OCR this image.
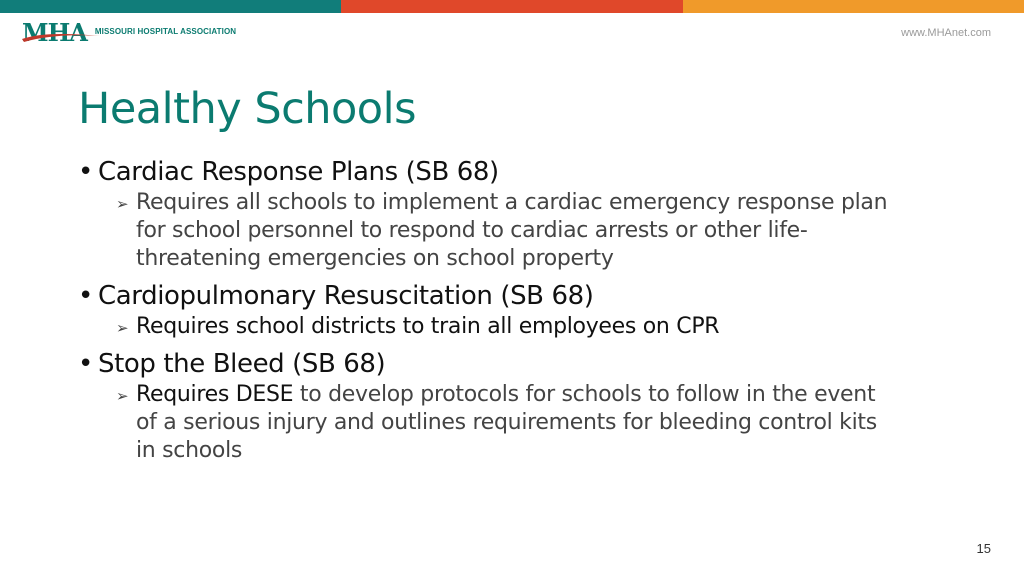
MHA MISSOURI HOSPITAL ASSOCIATION	www.MHAnet.com
Healthy Schools
• Cardiac Response Plans (SB 68)
➢ Requires all schools to implement a cardiac emergency response plan for school personnel to respond to cardiac arrests or other life-threatening emergencies on school property
• Cardiopulmonary Resuscitation (SB 68)
➢ Requires school districts to train all employees on CPR
• Stop the Bleed (SB 68)
➢ Requires DESE to develop protocols for schools to follow in the event of a serious injury and outlines requirements for bleeding control kits in schools
15
